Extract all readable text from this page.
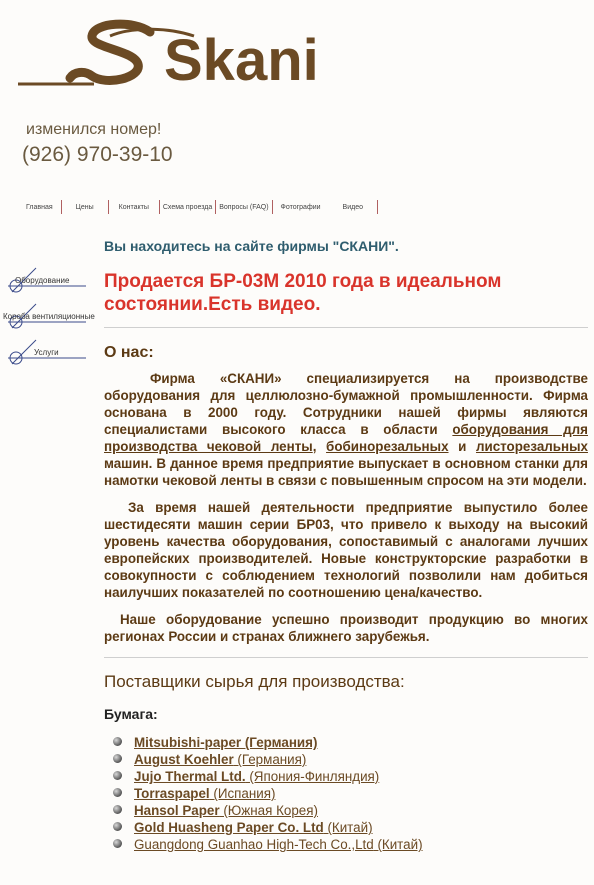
Skani
изменился номер!
(926) 970-39-10
Главная	Цены	Контакты	Схема проезда	Вопросы (FAQ)	Фотографии	Видео
Оборудование
Короба вентиляционные
Услуги

Вы находитесь на сайте фирмы "СКАНИ".

Продается БР-03М 2010 года в идеальном состоянии.Есть видео.

О нас:

Фирма «СКАНИ» специализируется на производстве оборудования для целлюлозно-бумажной промышленности. Фирма основана в 2000 году. Сотрудники нашей фирмы являются специалистами высокого класса в области оборудования для производства чековой ленты, бобинорезальных и листорезальных машин. В данное время предприятие выпускает в основном станки для намотки чековой ленты в связи с повышенным спросом на эти модели.

За время нашей деятельности предприятие выпустило более шестидесяти машин серии БР03, что привело к выходу на высокий уровень качества оборудования, сопоставимый с аналогами лучших европейских производителей. Новые конструкторские разработки в совокупности с соблюдением технологий позволили нам добиться наилучших показателей по соотношению цена/качество.

Наше оборудование успешно производит продукцию во многих регионах России и странах ближнего зарубежья.

Поставщики сырья для производства:
Бумага:
Mitsubishi-paper (Германия)
August Koehler (Германия)
Jujo Thermal Ltd. (Япония-Финляндия)
Torraspapel (Испания)
Hansol Paper (Южная Корея)
Gold Huasheng Paper Co. Ltd (Китай)
Guangdong Guanhao High-Tech Co.,Ltd (Китай)
